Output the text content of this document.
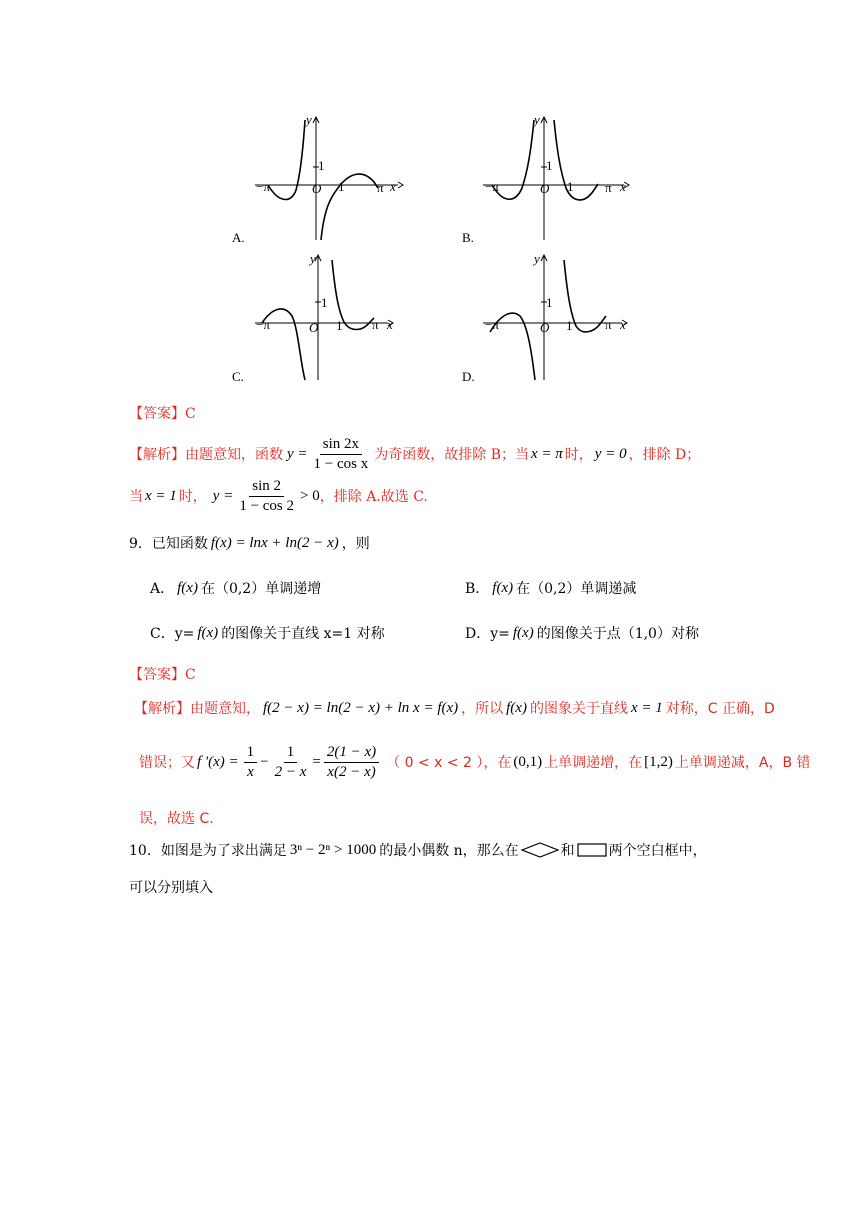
y
1
−π	O 1	π x
A.
y
1
−π	O 1 π x
B.
y
1
−π	O 1 π x
C.
y
1
−π	O 1	π x
D.
【答案】C
【解析】 由题意知，函数 $y = \frac{\sin 2x}{\text{1 − cos x}}$ 为奇函数，故排除 B；当 x = π 时， y = 0 ，排除 D；
当 x = 1 时， $y = \frac{\sin 2}{1 - \cos 2} > 0$ ，排除 A.故选 C.
9．已知函数 f(x) = lnx + ln(2 − x) ，则
A． f(x) 在（0,2）单调递增	B． f(x) 在（0,2）单调递减
C．y= f(x) 的图像关于直线 x=1 对称	D．y= f(x) 的图像关于点（1,0）对称
【答案】C
【解析】 由题意知， f(2 − x) = ln(2 − x) + ln x = f(x) ，所以 f(x) 的图象关于直线 x = 1 对称，C 正确，D
错误；又 f '$(x) = \frac{1}{x} - \frac{1}{2 - x} = \frac{2(1 - x)}{x(2 - x)}$ （ 0 < x < 2 ），在 (0,1) 上单调递增，在 [1,2) 上单调递减，A，B 错
误，故选 C.
10．如图是为了求出满足 3ⁿ − 2ⁿ > 1000 的最小偶数 n，那么在	和 两个空白框中，
可以分别填入
